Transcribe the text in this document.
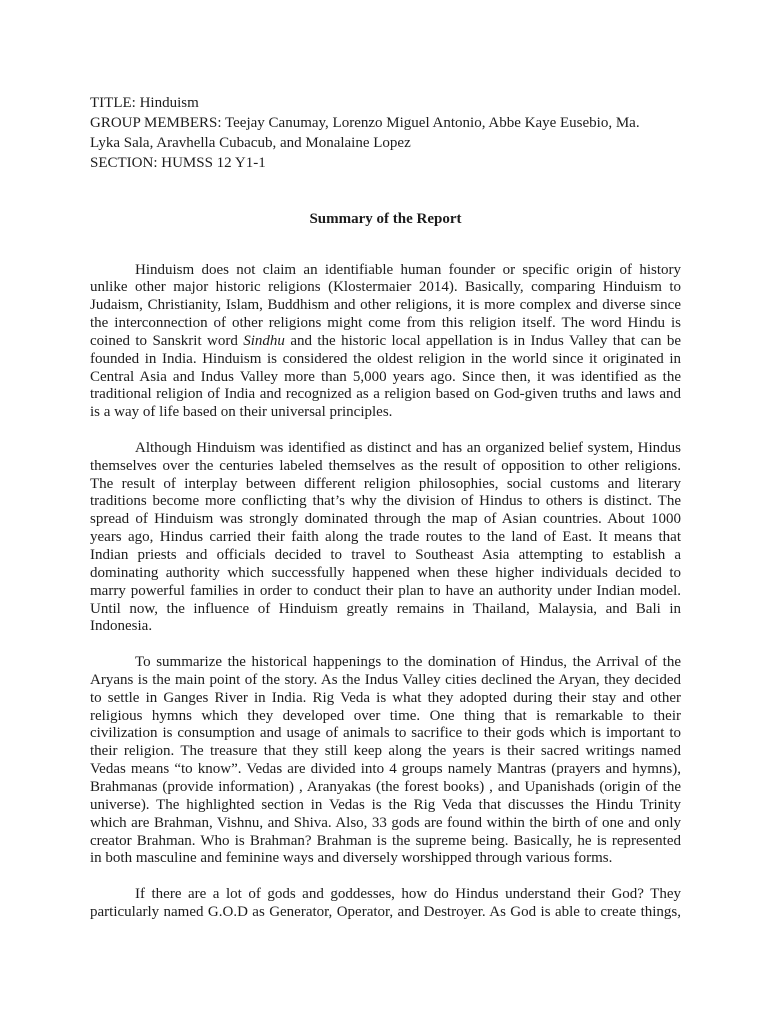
TITLE: Hinduism
GROUP MEMBERS: Teejay Canumay, Lorenzo Miguel Antonio, Abbe Kaye Eusebio, Ma.
Lyka Sala, Aravhella Cubacub, and Monalaine Lopez
SECTION: HUMSS 12 Y1-1
Summary of the Report
Hinduism does not claim an identifiable human founder or specific origin of history
unlike other major historic religions (Klostermaier 2014). Basically, comparing Hinduism to
Judaism, Christianity, Islam, Buddhism and other religions, it is more complex and diverse since
the interconnection of other religions might come from this religion itself. The word Hindu is
coined to Sanskrit word Sindhu and the historic local appellation is in Indus Valley that can be
founded in India. Hinduism is considered the oldest religion in the world since it originated in
Central Asia and Indus Valley more than 5,000 years ago. Since then, it was identified as the
traditional religion of India and recognized as a religion based on God-given truths and laws and
is a way of life based on their universal principles.
Although Hinduism was identified as distinct and has an organized belief system, Hindus
themselves over the centuries labeled themselves as the result of opposition to other religions.
The result of interplay between different religion philosophies, social customs and literary
traditions become more conflicting that’s why the division of Hindus to others is distinct. The
spread of Hinduism was strongly dominated through the map of Asian countries. About 1000
years ago, Hindus carried their faith along the trade routes to the land of East. It means that
Indian priests and officials decided to travel to Southeast Asia attempting to establish a
dominating authority which successfully happened when these higher individuals decided to
marry powerful families in order to conduct their plan to have an authority under Indian model.
Until now, the influence of Hinduism greatly remains in Thailand, Malaysia, and Bali in
Indonesia.
To summarize the historical happenings to the domination of Hindus, the Arrival of the
Aryans is the main point of the story. As the Indus Valley cities declined the Aryan, they decided
to settle in Ganges River in India. Rig Veda is what they adopted during their stay and other
religious hymns which they developed over time. One thing that is remarkable to their
civilization is consumption and usage of animals to sacrifice to their gods which is important to
their religion. The treasure that they still keep along the years is their sacred writings named
Vedas means “to know”. Vedas are divided into 4 groups namely Mantras (prayers and hymns),
Brahmanas (provide information) , Aranyakas (the forest books) , and Upanishads (origin of the
universe). The highlighted section in Vedas is the Rig Veda that discusses the Hindu Trinity
which are Brahman, Vishnu, and Shiva. Also, 33 gods are found within the birth of one and only
creator Brahman. Who is Brahman? Brahman is the supreme being. Basically, he is represented
in both masculine and feminine ways and diversely worshipped through various forms.
If there are a lot of gods and goddesses, how do Hindus understand their God? They
particularly named G.O.D as Generator, Operator, and Destroyer. As God is able to create things,
